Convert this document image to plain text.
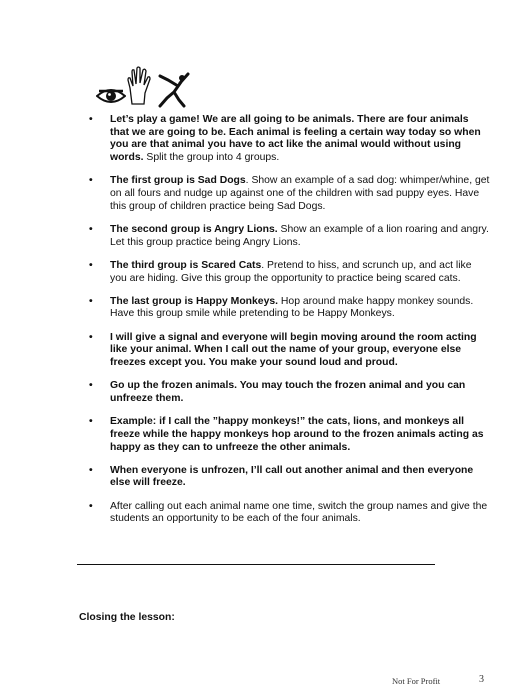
• Let’s play a game! We are all going to be animals. There are four animals that we are going to be. Each animal is feeling a certain way today so when you are that animal you have to act like the animal would without using words. Split the group into 4 groups.
• The first group is Sad Dogs. Show an example of a sad dog: whimper/whine, get on all fours and nudge up against one of the children with sad puppy eyes. Have this group of children practice being Sad Dogs.
• The second group is Angry Lions. Show an example of a lion roaring and angry. Let this group practice being Angry Lions.
• The third group is Scared Cats. Pretend to hiss, and scrunch up, and act like you are hiding. Give this group the opportunity to practice being scared cats.
• The last group is Happy Monkeys. Hop around make happy monkey sounds. Have this group smile while pretending to be Happy Monkeys.
• I will give a signal and everyone will begin moving around the room acting like your animal. When I call out the name of your group, everyone else freezes except you. You make your sound loud and proud.
• Go up the frozen animals. You may touch the frozen animal and you can unfreeze them.
• Example: if I call the ”happy monkeys!” the cats, lions, and monkeys all freeze while the happy monkeys hop around to the frozen animals acting as happy as they can to unfreeze the other animals.
• When everyone is unfrozen, I’ll call out another animal and then everyone else will freeze.
• After calling out each animal name one time, switch the group names and give the students an opportunity to be each of the four animals.
Closing the lesson:
Not For Profit	3
